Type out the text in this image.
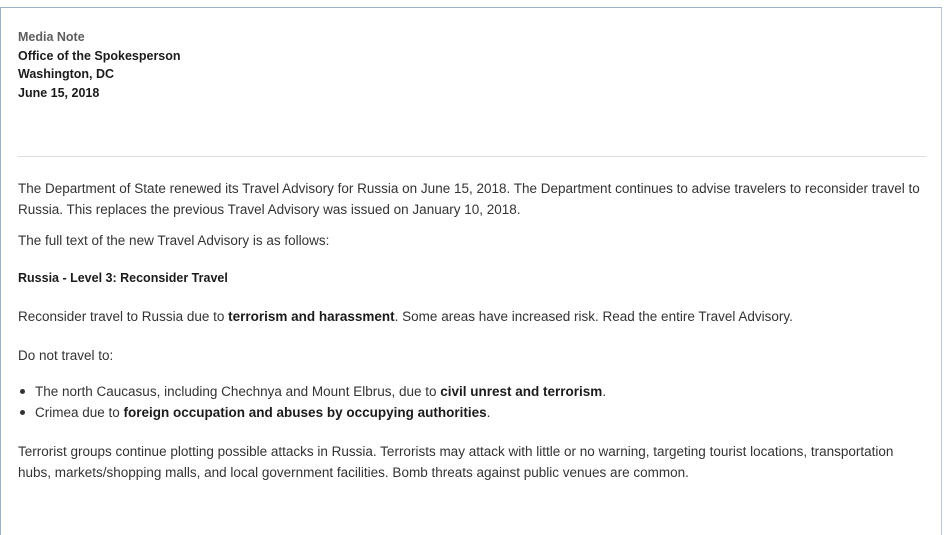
Media Note
Office of the Spokesperson
Washington, DC
June 15, 2018

The Department of State renewed its Travel Advisory for Russia on June 15, 2018. The Department continues to advise travelers to reconsider travel to Russia. This replaces the previous Travel Advisory was issued on January 10, 2018.

The full text of the new Travel Advisory is as follows:

Russia - Level 3: Reconsider Travel

Reconsider travel to Russia due to terrorism and harassment. Some areas have increased risk. Read the entire Travel Advisory.

Do not travel to:

The north Caucasus, including Chechnya and Mount Elbrus, due to civil unrest and terrorism.
Crimea due to foreign occupation and abuses by occupying authorities.

Terrorist groups continue plotting possible attacks in Russia. Terrorists may attack with little or no warning, targeting tourist locations, transportation hubs, markets/shopping malls, and local government facilities. Bomb threats against public venues are common.
